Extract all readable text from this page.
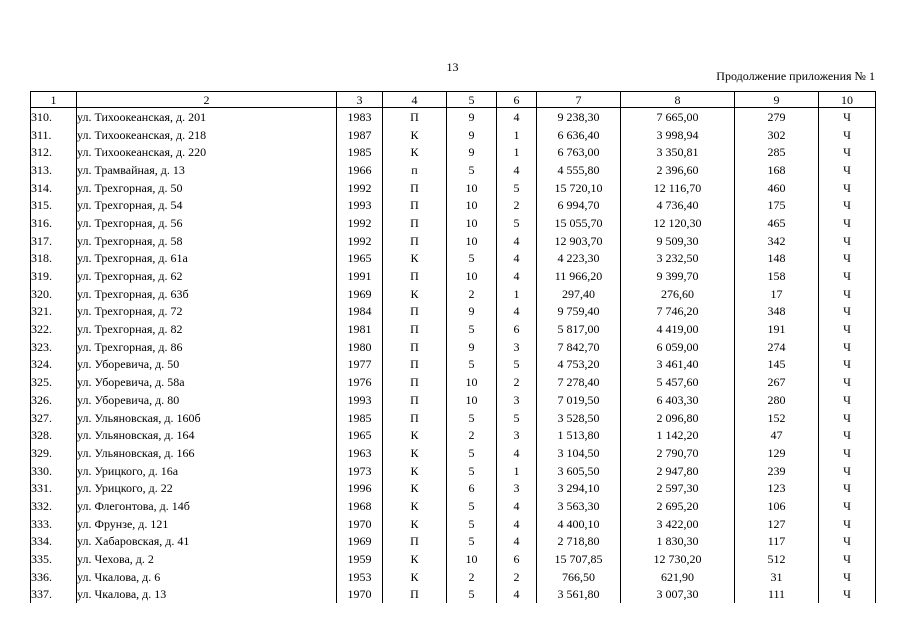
13
Продолжение приложения № 1
1	2	3	4	5	6	7	8	9	10
310.	ул. Тихоокеанская, д. 201	1983	П	9	4	9 238,30	7 665,00	279	Ч
311.	ул. Тихоокеанская, д. 218	1987	К	9	1	6 636,40	3 998,94	302	Ч
312.	ул. Тихоокеанская, д. 220	1985	К	9	1	6 763,00	3 350,81	285	Ч
313.	ул. Трамвайная, д. 13	1966	п	5	4	4 555,80	2 396,60	168	Ч
314.	ул. Трехгорная, д. 50	1992	П	10	5	15 720,10	12 116,70	460	Ч
315.	ул. Трехгорная, д. 54	1993	П	10	2	6 994,70	4 736,40	175	Ч
316.	ул. Трехгорная, д. 56	1992	П	10	5	15 055,70	12 120,30	465	Ч
317.	ул. Трехгорная, д. 58	1992	П	10	4	12 903,70	9 509,30	342	Ч
318.	ул. Трехгорная, д. 61а	1965	К	5	4	4 223,30	3 232,50	148	Ч
319.	ул. Трехгорная, д. 62	1991	П	10	4	11 966,20	9 399,70	158	Ч
320.	ул. Трехгорная, д. 63б	1969	К	2	1	297,40	276,60	17	Ч
321.	ул. Трехгорная, д. 72	1984	П	9	4	9 759,40	7 746,20	348	Ч
322.	ул. Трехгорная, д. 82	1981	П	5	6	5 817,00	4 419,00	191	Ч
323.	ул. Трехгорная, д. 86	1980	П	9	3	7 842,70	6 059,00	274	Ч
324.	ул. Уборевича, д. 50	1977	П	5	5	4 753,20	3 461,40	145	Ч
325.	ул. Уборевича, д. 58а	1976	П	10	2	7 278,40	5 457,60	267	Ч
326.	ул. Уборевича, д. 80	1993	П	10	3	7 019,50	6 403,30	280	Ч
327.	ул. Ульяновская, д. 160б	1985	П	5	5	3 528,50	2 096,80	152	Ч
328.	ул. Ульяновская, д. 164	1965	К	2	3	1 513,80	1 142,20	47	Ч
329.	ул. Ульяновская, д. 166	1963	К	5	4	3 104,50	2 790,70	129	Ч
330.	ул. Урицкого, д. 16а	1973	К	5	1	3 605,50	2 947,80	239	Ч
331.	ул. Урицкого, д. 22	1996	К	6	3	3 294,10	2 597,30	123	Ч
332.	ул. Флегонтова, д. 14б	1968	К	5	4	3 563,30	2 695,20	106	Ч
333.	ул. Фрунзе, д. 121	1970	К	5	4	4 400,10	3 422,00	127	Ч
334.	ул. Хабаровская, д. 41	1969	П	5	4	2 718,80	1 830,30	117	Ч
335.	ул. Чехова, д. 2	1959	К	10	6	15 707,85	12 730,20	512	Ч
336.	ул. Чкалова, д. 6	1953	К	2	2	766,50	621,90	31	Ч
337.	ул. Чкалова, д. 13	1970	П	5	4	3 561,80	3 007,30	111	Ч
